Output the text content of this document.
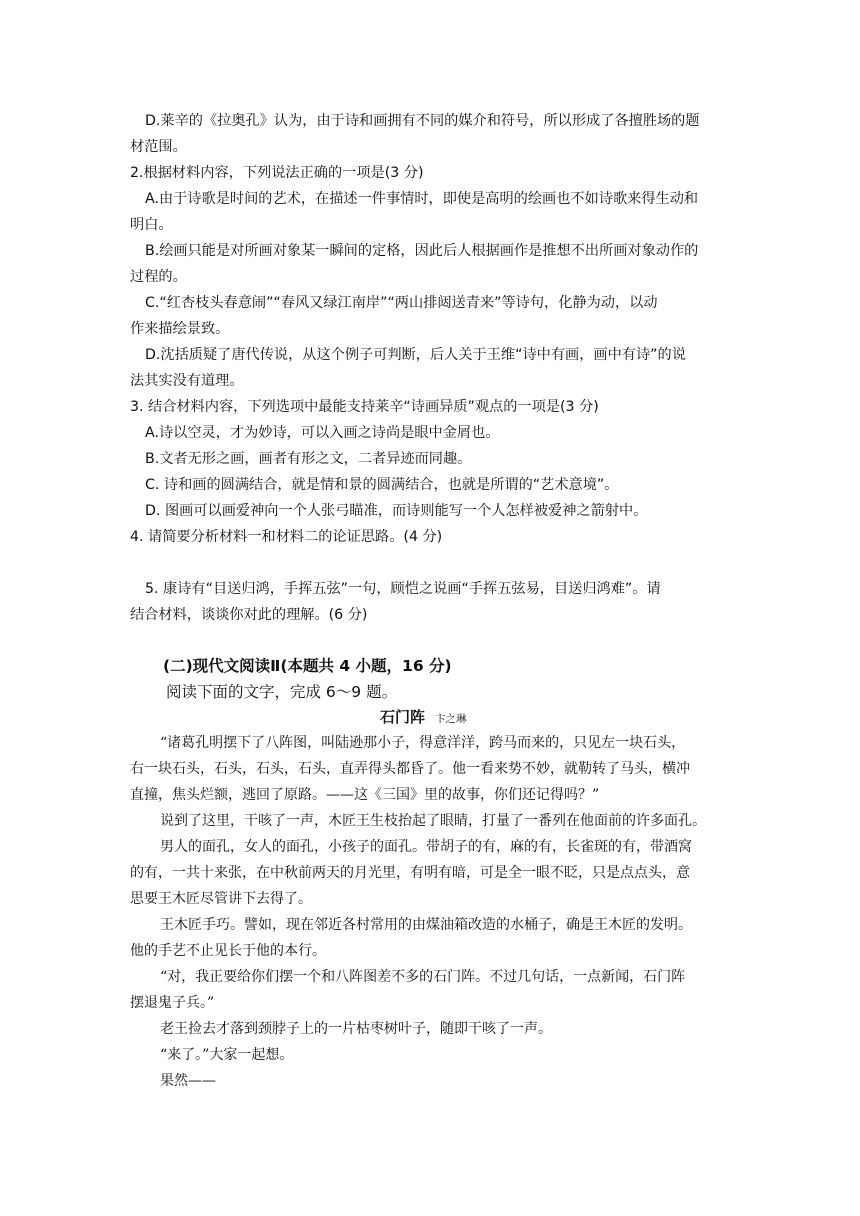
D.莱辛的《拉奥孔》认为，由于诗和画拥有不同的媒介和符号，所以形成了各擅胜场的题
材范围。
2.根据材料内容，下列说法正确的一项是(3 分)
A.由于诗歌是时间的艺术，在描述一件事情时，即使是高明的绘画也不如诗歌来得生动和
明白。
B.绘画只能是对所画对象某一瞬间的定格，因此后人根据画作是推想不出所画对象动作的
过程的。
C.“红杏枝头春意闹”“春风又绿江南岸”“两山排闼送青来”等诗句，化静为动，以动
作来描绘景致。
D.沈括质疑了唐代传说，从这个例子可判断，后人关于王维“诗中有画，画中有诗”的说
法其实没有道理。
3. 结合材料内容，下列选项中最能支持莱辛“诗画异质”观点的一项是(3 分)
A.诗以空灵，才为妙诗，可以入画之诗尚是眼中金屑也。
B.文者无形之画，画者有形之文，二者异迹而同趣。
C. 诗和画的圆满结合，就是情和景的圆满结合，也就是所谓的“艺术意境”。
D. 图画可以画爱神向一个人张弓瞄准，而诗则能写一个人怎样被爱神之箭射中。
4. 请简要分析材料一和材料二的论证思路。(4 分)
5. 康诗有“目送归鸿，手挥五弦”一句，顾恺之说画“手挥五弦易，目送归鸿难”。请
结合材料，谈谈你对此的理解。(6 分)
(二)现代文阅读Ⅱ(本题共 4 小题，16 分)
阅读下面的文字，完成 6～9 题。
石门阵 卞之琳
“诸葛孔明摆下了八阵图，叫陆逊那小子，得意洋洋，跨马而来的，只见左一块石头，
右一块石头，石头，石头，石头，直弄得头都昏了。他一看来势不妙，就勒转了马头，横冲
直撞，焦头烂额，逃回了原路。——这《三国》里的故事，你们还记得吗？”
说到了这里，干咳了一声，木匠王生枝抬起了眼睛，打量了一番列在他面前的许多面孔。
男人的面孔，女人的面孔，小孩子的面孔。带胡子的有，麻的有，长雀斑的有，带酒窝
的有，一共十来张，在中秋前两天的月光里，有明有暗，可是全一眼不眨，只是点点头，意
思要王木匠尽管讲下去得了。
王木匠手巧。譬如，现在邻近各村常用的由煤油箱改造的水桶子，确是王木匠的发明。
他的手艺不止见长于他的本行。
“对，我正要给你们摆一个和八阵图差不多的石门阵。不过几句话，一点新闻，石门阵
摆退鬼子兵。”
老王捡去才落到颈脖子上的一片枯枣树叶子，随即干咳了一声。
“来了。”大家一起想。
果然——
